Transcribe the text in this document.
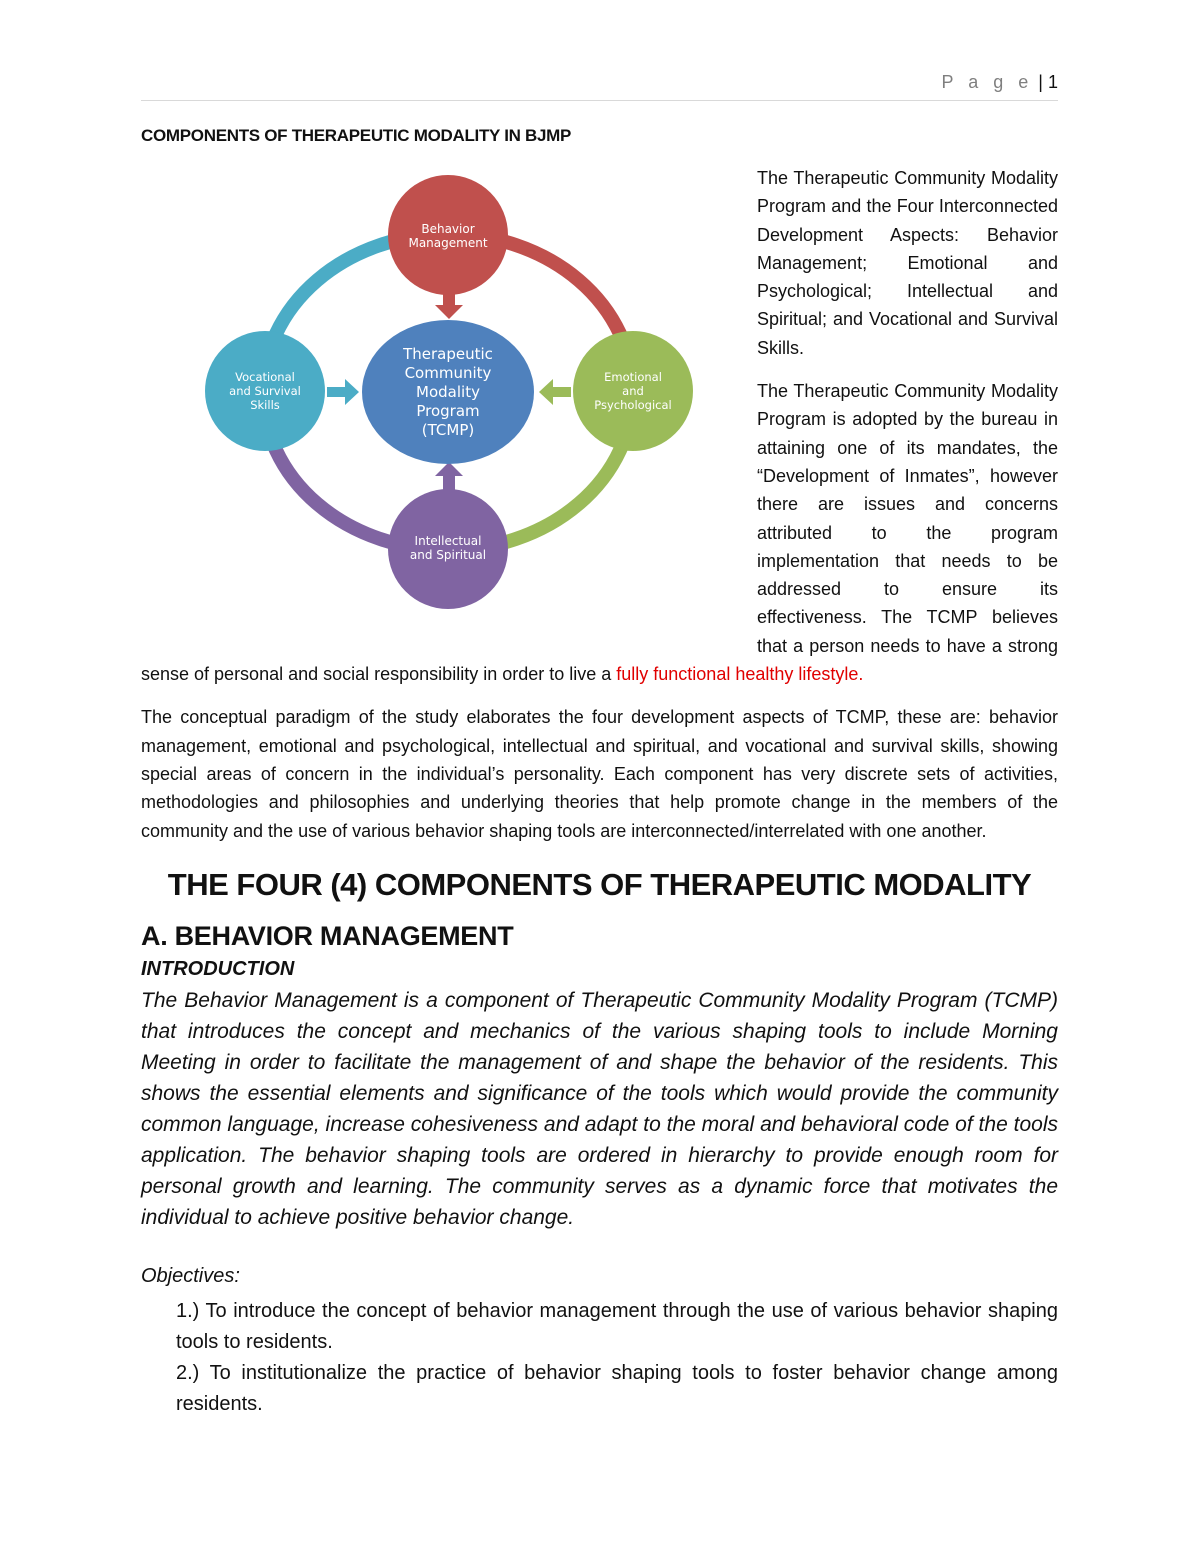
P a g e | 1
COMPONENTS OF THERAPEUTIC MODALITY IN BJMP
Behavior Management
Therapeutic Community Modality Program (TCMP)
Vocational and Survival Skills
Emotional and Psychological
Intellectual and Spiritual

The Therapeutic Community Modality Program and the Four Interconnected Development Aspects: Behavior Management; Emotional and Psychological; Intellectual and Spiritual; and Vocational and Survival Skills.

The Therapeutic Community Modality Program is adopted by the bureau in attaining one of its mandates, the “Development of Inmates”, however there are issues and concerns attributed to the program implementation that needs to be addressed to ensure its effectiveness. The TCMP believes that a person needs to have a strong sense of personal and social responsibility in order to live a fully functional healthy lifestyle.

The conceptual paradigm of the study elaborates the four development aspects of TCMP, these are: behavior management, emotional and psychological, intellectual and spiritual, and vocational and survival skills, showing special areas of concern in the individual’s personality. Each component has very discrete sets of activities, methodologies and philosophies and underlying theories that help promote change in the members of the community and the use of various behavior shaping tools are interconnected/interrelated with one another.

THE FOUR (4) COMPONENTS OF THERAPEUTIC MODALITY
A. BEHAVIOR MANAGEMENT
INTRODUCTION

The Behavior Management is a component of Therapeutic Community Modality Program (TCMP) that introduces the concept and mechanics of the various shaping tools to include Morning Meeting in order to facilitate the management of and shape the behavior of the residents. This shows the essential elements and significance of the tools which would provide the community common language, increase cohesiveness and adapt to the moral and behavioral code of the tools application. The behavior shaping tools are ordered in hierarchy to provide enough room for personal growth and learning. The community serves as a dynamic force that motivates the individual to achieve positive behavior change.

Objectives:
1.) To introduce the concept of behavior management through the use of various behavior shaping tools to residents.
2.) To institutionalize the practice of behavior shaping tools to foster behavior change among residents.
